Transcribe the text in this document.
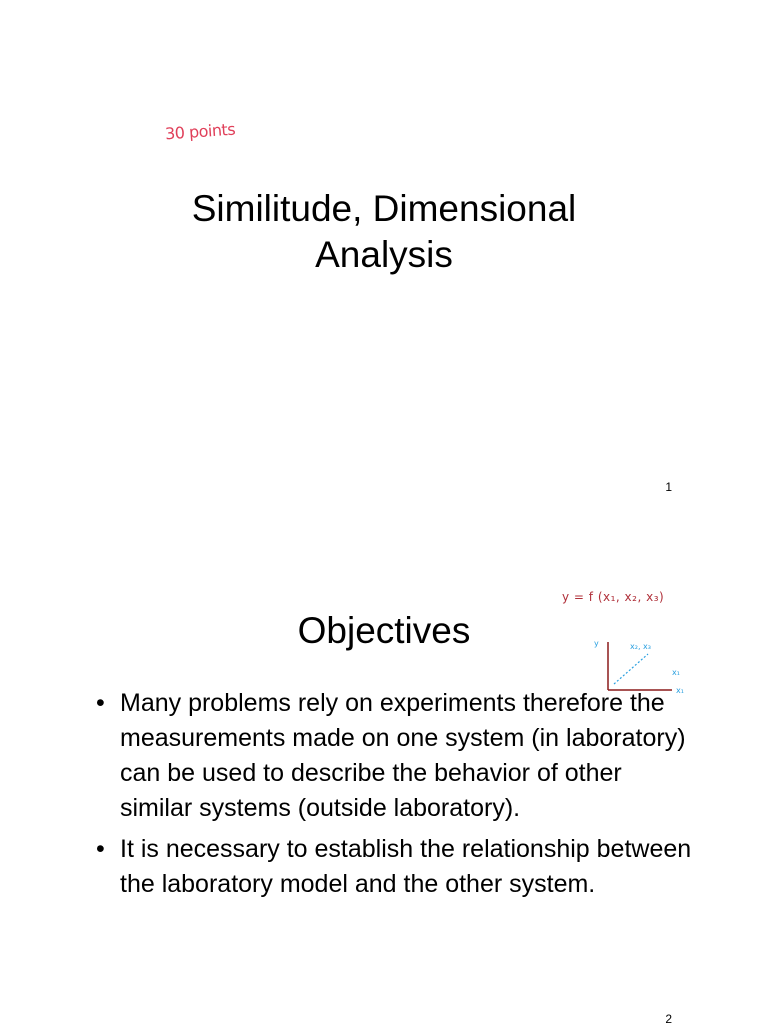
30 points
Similitude, Dimensional
Analysis
1
y = f (x₁, x₂, x₃)
y	x₂, x₃
x₁
x₁
Objectives
• Many problems rely on experiments therefore the measurements made on one system (in laboratory) can be used to describe the behavior of other similar systems (outside laboratory).
• It is necessary to establish the relationship between the laboratory model and the other system.
2
